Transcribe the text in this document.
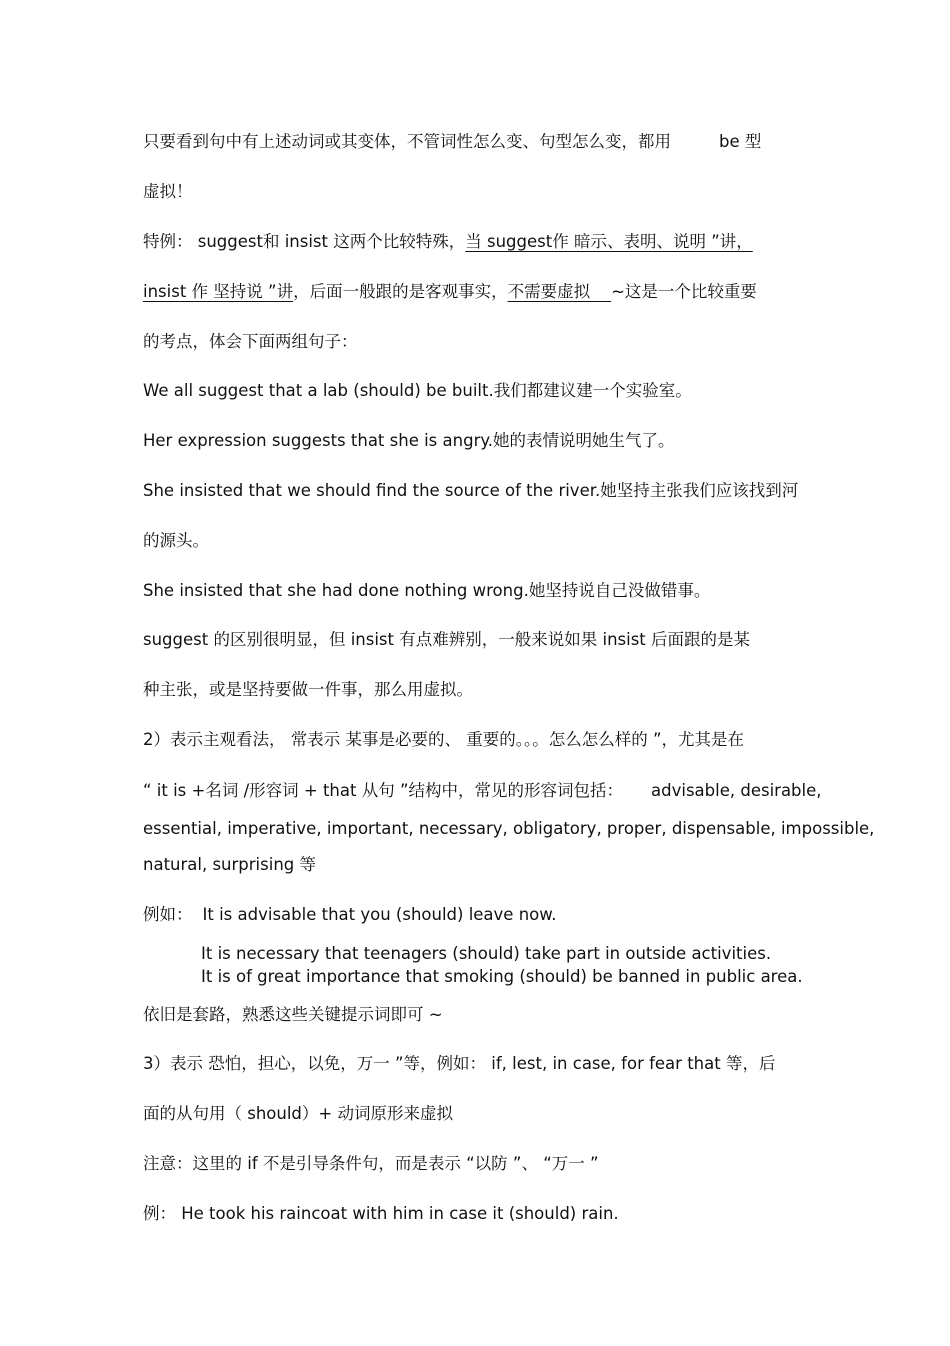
只要看到句中有上述动词或其变体，不管词性怎么变、句型怎么变，都用	be 型
虚拟！
特例： suggest和 insist 这两个比较特殊，当 suggest作 暗示、表明、说明 ”讲，
insist 作 坚持说 ”讲，后面一般跟的是客观事实，不需要虚拟    ~这是一个比较重要
的考点，体会下面两组句子：
We all suggest that a lab (should) be built.我们都建议建一个实验室。
Her expression suggests that she is angry.她的表情说明她生气了。
She insisted that we should find the source of the river.她坚持主张我们应该找到河
的源头。
She insisted that she had done nothing wrong.她坚持说自己没做错事。
suggest 的区别很明显，但 insist 有点难辨别，一般来说如果 insist 后面跟的是某
种主张，或是坚持要做一件事，那么用虚拟。
2）表示主观看法， 常表示 某事是必要的、 重要的。。。怎么怎么样的 ”，尤其是在
“ it is +名词 /形容词 + that 从句 ”结构中，常见的形容词包括： advisable, desirable,
essential, imperative, important, necessary, obligatory, proper, dispensable, impossible,
natural, surprising 等
例如： It is advisable that you (should) leave now.
It is necessary that teenagers (should) take part in outside activities.
It is of great importance that smoking (should) be banned in public area.
依旧是套路，熟悉这些关键提示词即可 ~
3）表示 恐怕，担心，以免，万一 ”等，例如： if, lest, in case, for fear that 等，后
面的从句用（ should）+ 动词原形来虚拟
注意：这里的 if 不是引导条件句，而是表示 “以防 ”、 “万一 ”
例： He took his raincoat with him in case it (should) rain.
